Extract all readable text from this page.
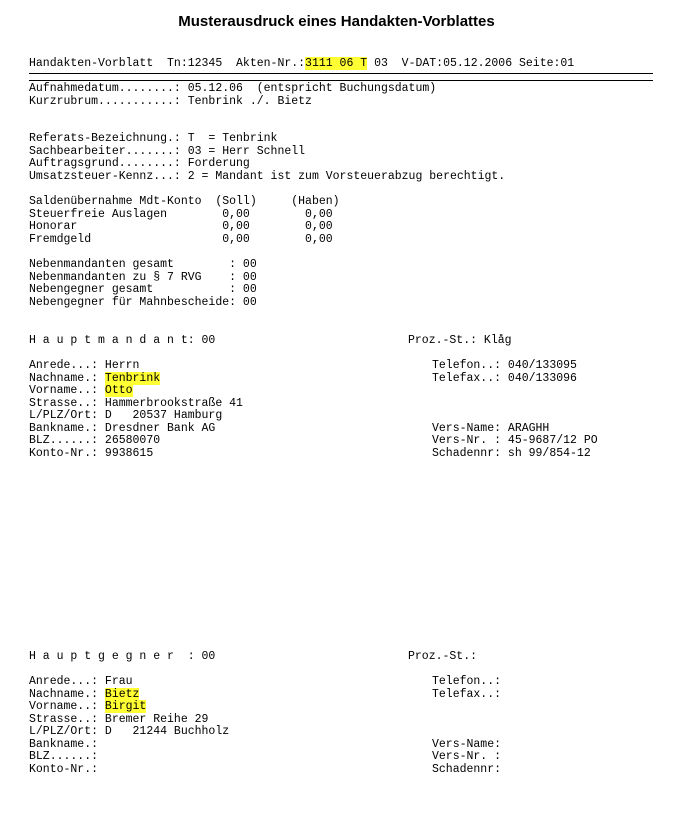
Musterausdruck eines Handakten-Vorblattes
Handakten-Vorblatt  Tn:12345  Akten-Nr.:3111 06 T 03  V-DAT:05.12.2006 Seite:01
Aufnahmedatum........: 05.12.06  (entspricht Buchungsdatum)
Kurzrubrum...........: Tenbrink ./. Bietz
Referats-Bezeichnung.: T  = Tenbrink
Sachbearbeiter.......: 03 = Herr Schnell
Auftragsgrund........: Forderung
Umsatzsteuer-Kennz...: 2 = Mandant ist zum Vorsteuerabzug berechtigt.
Saldenübernahme Mdt-Konto  (Soll)     (Haben)
Steuerfreie Auslagen        0,00        0,00
Honorar                     0,00        0,00
Fremdgeld                   0,00        0,00
Nebenmandanten gesamt        : 00
Nebenmandanten zu § 7 RVG    : 00
Nebengegner gesamt           : 00
Nebengegner für Mahnbescheide: 00
H a u p t m a n d a n t: 00	Proz.-St.: Klåg
Anrede...: Herrn
Nachname.: Tenbrink
Vorname..: Otto
Strasse..: Hammerbrookstraße 41
L/PLZ/Ort: D   20537 Hamburg
Bankname.: Dresdner Bank AG
BLZ......: 26580070
Konto-Nr.: 9938615
Telefon..: 040/133095
Telefax..: 040/133096

Vers-Name: ARAGHH
Vers-Nr. : 45-9687/12 PO
Schadennr: sh 99/854-12
H a u p t g e g n e r  : 00	Proz.-St.:
Anrede...: Frau
Nachname.: Bietz
Vorname..: Birgit
Strasse..: Bremer Reihe 29
L/PLZ/Ort: D   21244 Buchholz
Bankname.:
BLZ......:
Konto-Nr.:
Telefon..:
Telefax..:

Vers-Name:
Vers-Nr. :
Schadennr:
